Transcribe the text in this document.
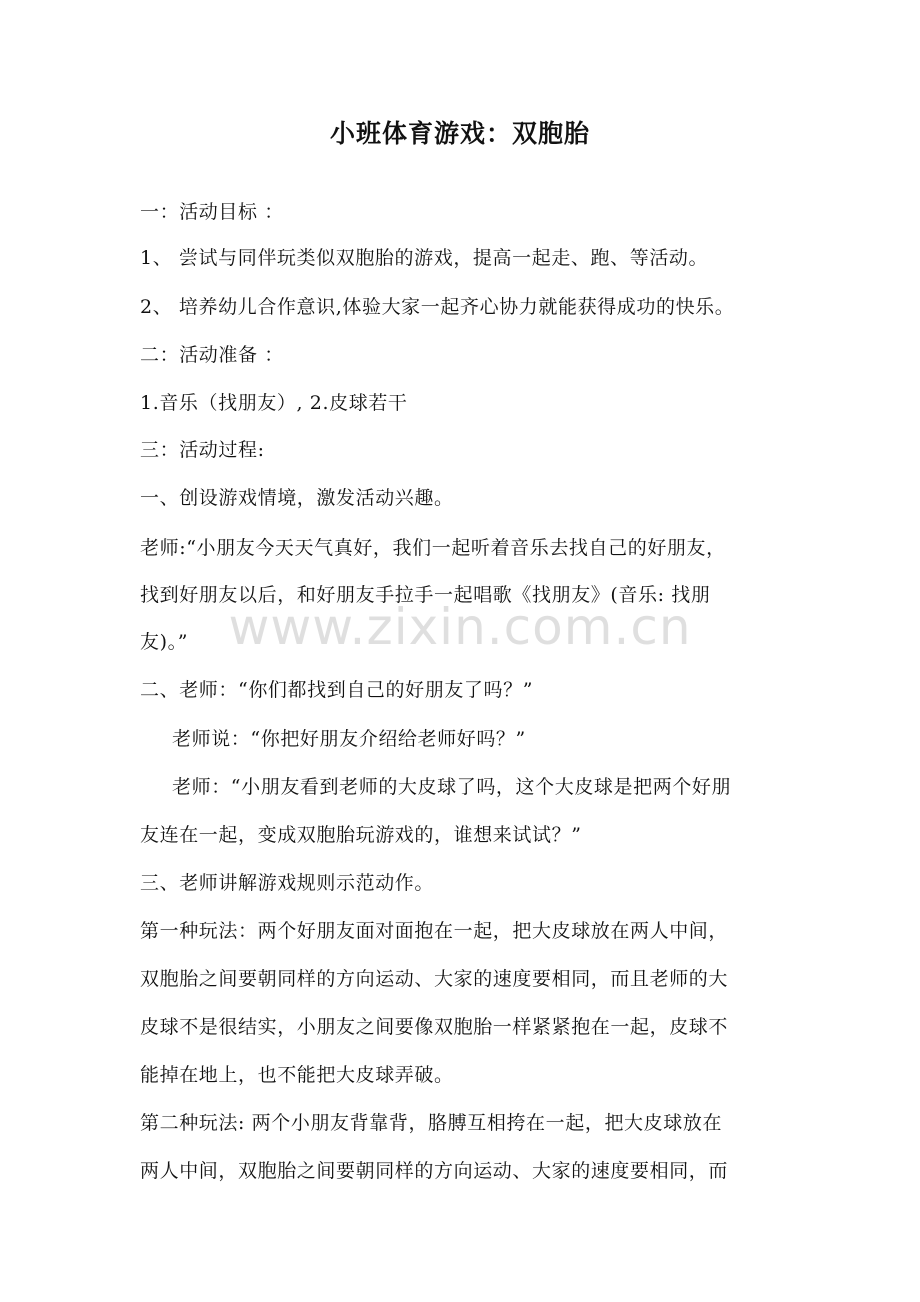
小班体育游戏：双胞胎
一：活动目标 ：
1、 尝试与同伴玩类似双胞胎的游戏，提高一起走、跑、等活动。
2、 培养幼儿合作意识,体验大家一起齐心协力就能获得成功的快乐。
二：活动准备 ：
1.音乐（找朋友）, 2.皮球若干
三：活动过程:
一、创设游戏情境，激发活动兴趣。
老师:“小朋友今天天气真好，我们一起听着音乐去找自己的好朋友，
找到好朋友以后，和好朋友手拉手一起唱歌《找朋友》(音乐: 找朋
友)。”
二、老师：“你们都找到自己的好朋友了吗？”
老师说：“你把好朋友介绍给老师好吗？”
老师：“小朋友看到老师的大皮球了吗，这个大皮球是把两个好朋
友连在一起，变成双胞胎玩游戏的，谁想来试试？”
三、老师讲解游戏规则示范动作。
第一种玩法：两个好朋友面对面抱在一起，把大皮球放在两人中间，
双胞胎之间要朝同样的方向运动、大家的速度要相同，而且老师的大
皮球不是很结实，小朋友之间要像双胞胎一样紧紧抱在一起，皮球不
能掉在地上，也不能把大皮球弄破。
第二种玩法: 两个小朋友背靠背，胳膊互相挎在一起，把大皮球放在
两人中间，双胞胎之间要朝同样的方向运动、大家的速度要相同，而
www.zixin.com.cn
